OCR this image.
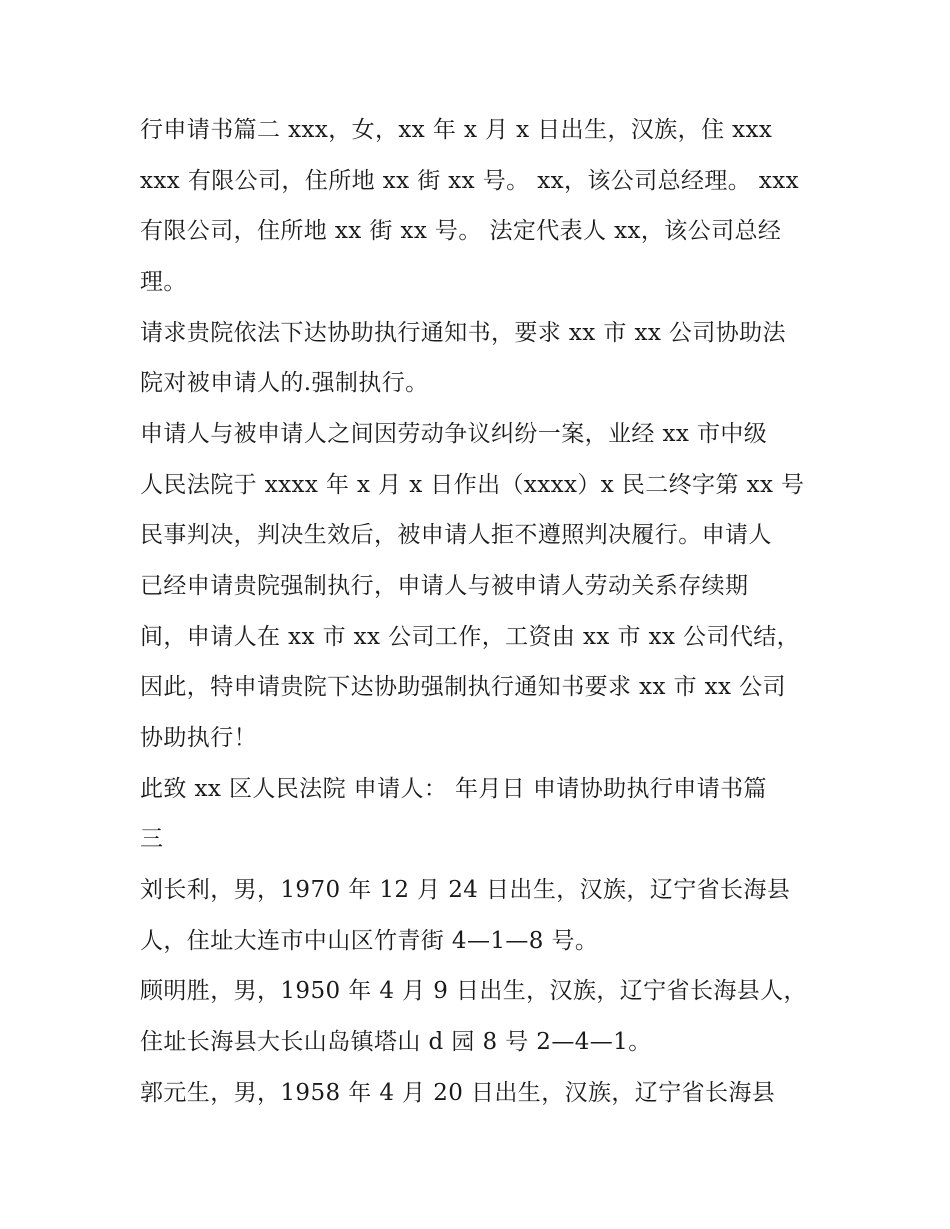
行申请书篇二 xxx，女，xx 年 x 月 x 日出生，汉族，住 xxx
xxx 有限公司，住所地 xx 街 xx 号。 xx，该公司总经理。 xxx
有限公司，住所地 xx 街 xx 号。 法定代表人 xx，该公司总经
理。
请求贵院依法下达协助执行通知书，要求 xx 市 xx 公司协助法
院对被申请人的.强制执行。
申请人与被申请人之间因劳动争议纠纷一案，业经 xx 市中级
人民法院于 xxxx 年 x 月 x 日作出（xxxx）x 民二终字第 xx 号
民事判决，判决生效后，被申请人拒不遵照判决履行。申请人
已经申请贵院强制执行，申请人与被申请人劳动关系存续期
间，申请人在 xx 市 xx 公司工作，工资由 xx 市 xx 公司代结，
因此，特申请贵院下达协助强制执行通知书要求 xx 市 xx 公司
协助执行！
此致 xx 区人民法院 申请人： 年月日 申请协助执行申请书篇
三
刘长利，男，1970 年 12 月 24 日出生，汉族，辽宁省长海县
人，住址大连市中山区竹青街 4—1—8 号。
顾明胜，男，1950 年 4 月 9 日出生，汉族，辽宁省长海县人，
住址长海县大长山岛镇塔山 d 园 8 号 2—4—1。
郭元生，男，1958 年 4 月 20 日出生，汉族，辽宁省长海县
